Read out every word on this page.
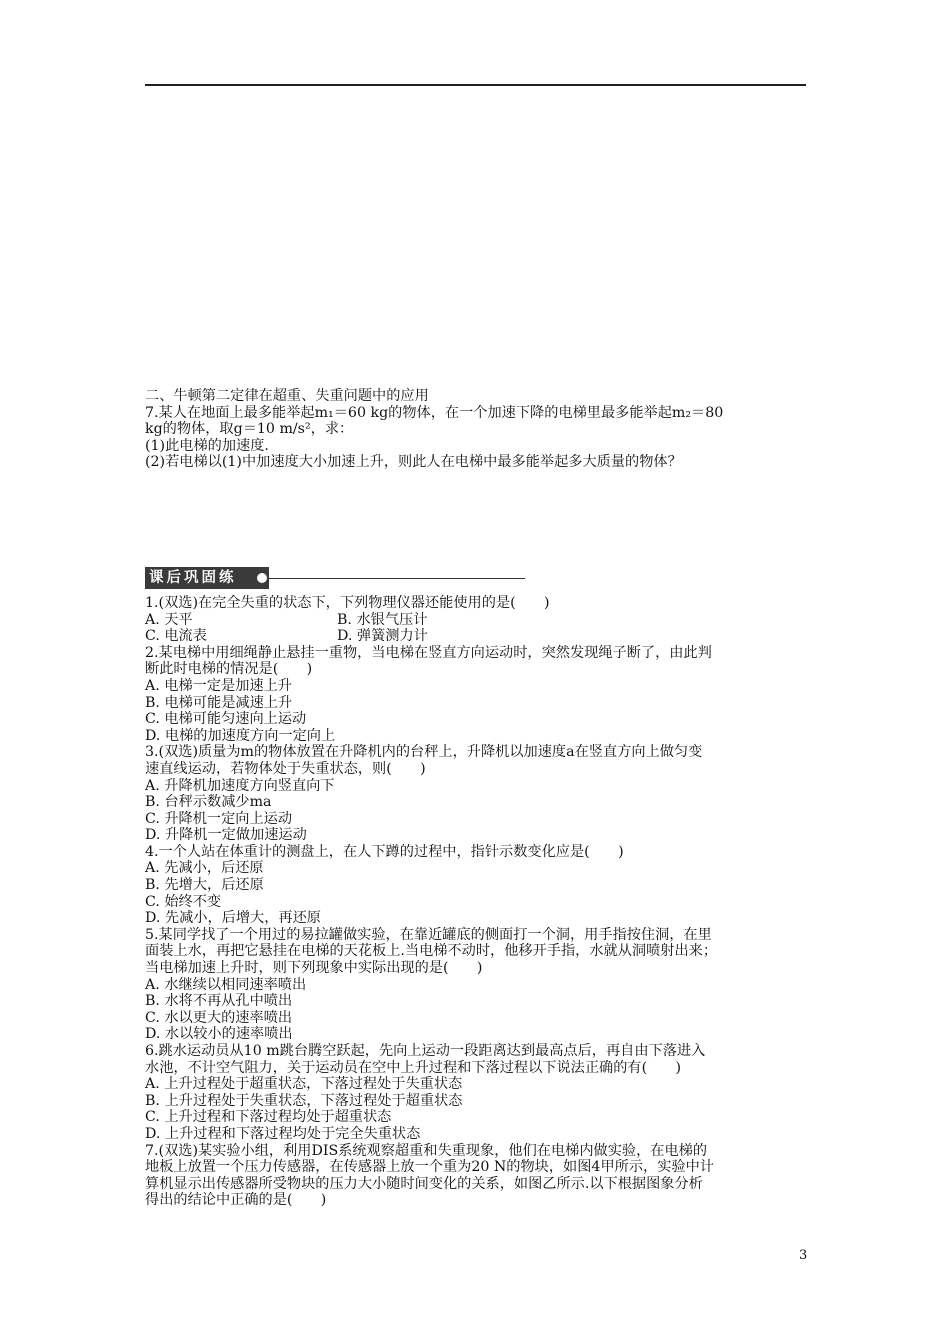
二、牛顿第二定律在超重、失重问题中的应用
7.某人在地面上最多能举起m₁＝60 kg的物体，在一个加速下降的电梯里最多能举起m₂＝80
kg的物体，取g＝10 m/s²，求：
(1)此电梯的加速度.
(2)若电梯以(1)中加速度大小加速上升，则此人在电梯中最多能举起多大质量的物体？
课后巩固练
1.(双选)在完全失重的状态下，下列物理仪器还能使用的是(　　)
A. 天平	B. 水银气压计
C. 电流表	D. 弹簧测力计
2.某电梯中用细绳静止悬挂一重物，当电梯在竖直方向运动时，突然发现绳子断了，由此判
断此时电梯的情况是(　　)
A. 电梯一定是加速上升
B. 电梯可能是减速上升
C. 电梯可能匀速向上运动
D. 电梯的加速度方向一定向上
3.(双选)质量为m的物体放置在升降机内的台秤上，升降机以加速度a在竖直方向上做匀变
速直线运动，若物体处于失重状态，则(　　)
A. 升降机加速度方向竖直向下
B. 台秤示数减少ma
C. 升降机一定向上运动
D. 升降机一定做加速运动
4.一个人站在体重计的测盘上，在人下蹲的过程中，指针示数变化应是(　　)
A. 先减小，后还原
B. 先增大，后还原
C. 始终不变
D. 先减小，后增大，再还原
5.某同学找了一个用过的易拉罐做实验，在靠近罐底的侧面打一个洞，用手指按住洞，在里
面装上水，再把它悬挂在电梯的天花板上.当电梯不动时，他移开手指，水就从洞喷射出来；
当电梯加速上升时，则下列现象中实际出现的是(　　)
A. 水继续以相同速率喷出
B. 水将不再从孔中喷出
C. 水以更大的速率喷出
D. 水以较小的速率喷出
6.跳水运动员从10 m跳台腾空跃起，先向上运动一段距离达到最高点后，再自由下落进入
水池，不计空气阻力，关于运动员在空中上升过程和下落过程以下说法正确的有(　　)
A. 上升过程处于超重状态，下落过程处于失重状态
B. 上升过程处于失重状态，下落过程处于超重状态
C. 上升过程和下落过程均处于超重状态
D. 上升过程和下落过程均处于完全失重状态
7.(双选)某实验小组，利用DIS系统观察超重和失重现象，他们在电梯内做实验，在电梯的
地板上放置一个压力传感器，在传感器上放一个重为20 N的物块，如图4甲所示，实验中计
算机显示出传感器所受物块的压力大小随时间变化的关系，如图乙所示.以下根据图象分析
得出的结论中正确的是(　　)
3
